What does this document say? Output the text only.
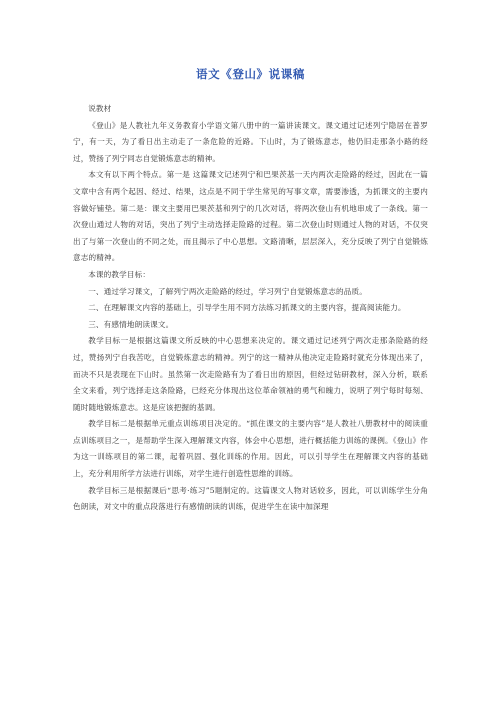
语文《登山》说课稿

说教材

《登山》是人教社九年义务教育小学语文第八册中的一篇讲读课文。课文通过记述列宁隐居在普罗宁，有一天，为了看日出主动走了一条危险的近路。下山时，为了锻炼意志，他仍旧走那条小路的经过，赞扬了列宁同志自觉锻炼意志的精神。

本文有以下两个特点。第一是 这篇课文记述列宁和巴果茨基一天内两次走险路的经过，因此在一篇文章中含有两个起因、经过、结果，这点是不同于学生常见的写事文章，需要渗透，为抓课文的主要内容做好铺垫。第二是：课文主要用巴果茨基和列宁的几次对话，将两次登山有机地串成了一条线。第一次登山通过人物的对话，突出了列宁主动选择走险路的过程。第二次登山时则通过人物的对话，不仅突出了与第一次登山的不同之处，而且揭示了中心思想。文路清晰，层层深入，充分反映了列宁自觉锻炼意志的精神。

本课的教学目标：

一、通过学习课文，了解列宁两次走险路的经过，学习列宁自觉锻炼意志的品质。

二、在理解课文内容的基础上，引导学生用不同方法练习抓课文的主要内容，提高阅读能力。

三、有感情地朗读课文。

教学目标一是根据这篇课文所反映的中心思想来决定的。课文通过记述列宁两次走那条险路的经过，赞扬列宁自我苦吃，自觉锻炼意志的精神。列宁的这一精神从他决定走险路时就充分体现出来了，而决不只是表现在下山时。虽然第一次走险路有为了看日出的原因，但经过钻研教材，深入分析，联系全文来看，列宁选择走这条险路，已经充分体现出这位革命领袖的勇气和魄力，说明了列宁每时每刻、随时随地锻炼意志。这是应该把握的基调。

教学目标二是根据单元重点训练项目决定的。“抓住课文的主要内容”是人教社八册教材中的阅读重点训练项目之一，是帮助学生深入理解课文内容，体会中心思想，进行概括能力训练的课例。《登山》作为这一训练项目的第二课，起着巩固、强化训练的作用。因此，可以引导学生在理解课文内容的基础上，充分利用所学方法进行训练，对学生进行创造性思维的训练。

教学目标三是根据课后“思考·练习”5题制定的。这篇课文人物对话较多，因此，可以训练学生分角色朗读，对文中的重点段落进行有感情朗读的训练，促进学生在读中加深理
